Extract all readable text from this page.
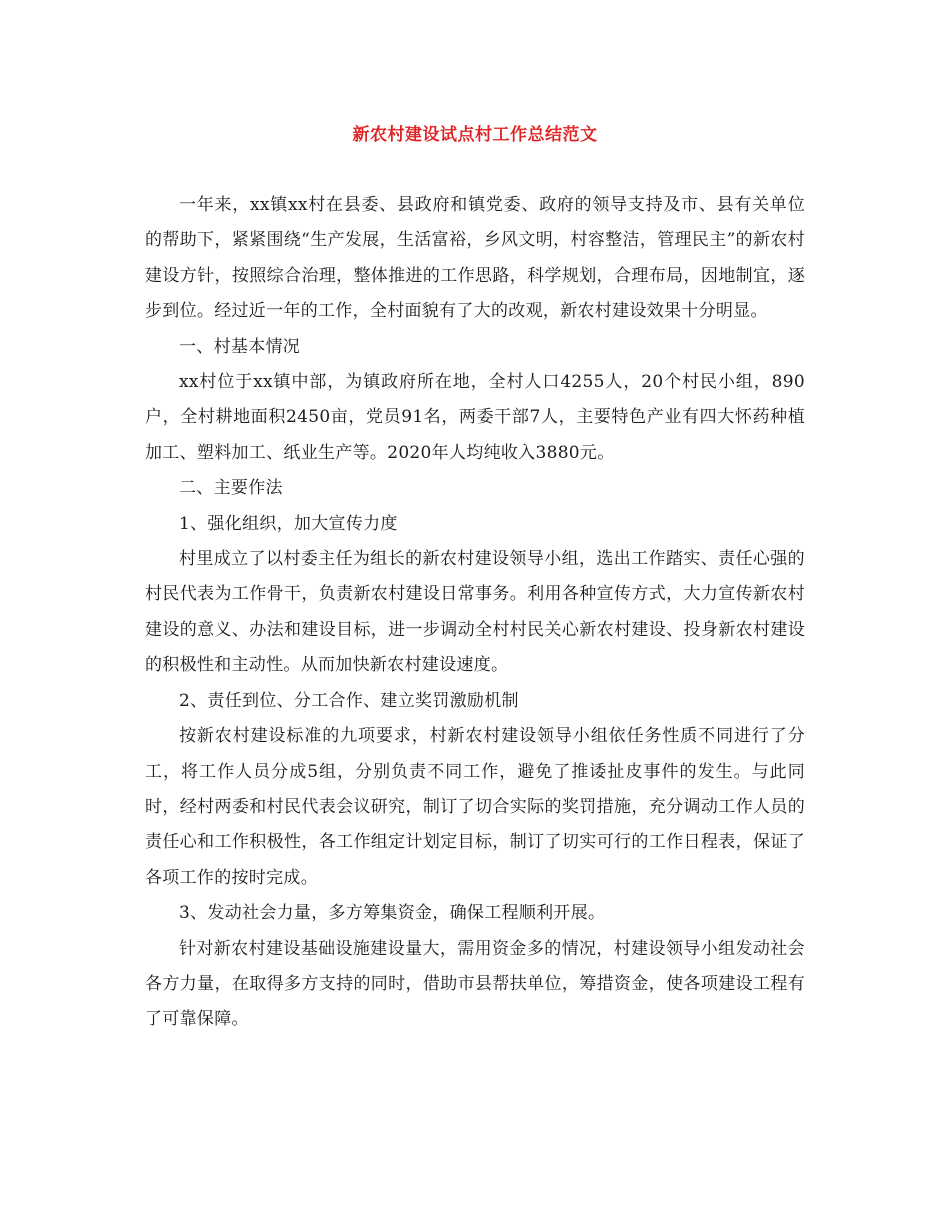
新农村建设试点村工作总结范文

一年来，xx镇xx村在县委、县政府和镇党委、政府的领导支持及市、县有关单位的帮助下，紧紧围绕“生产发展，生活富裕，乡风文明，村容整洁，管理民主”的新农村建设方针，按照综合治理，整体推进的工作思路，科学规划，合理布局，因地制宜，逐步到位。经过近一年的工作，全村面貌有了大的改观，新农村建设效果十分明显。

一、村基本情况

xx村位于xx镇中部，为镇政府所在地，全村人口4255人，20个村民小组，890户，全村耕地面积2450亩，党员91名，两委干部7人，主要特色产业有四大怀药种植加工、塑料加工、纸业生产等。2020年人均纯收入3880元。

二、主要作法

1、强化组织，加大宣传力度

村里成立了以村委主任为组长的新农村建设领导小组，选出工作踏实、责任心强的村民代表为工作骨干，负责新农村建设日常事务。利用各种宣传方式，大力宣传新农村建设的意义、办法和建设目标，进一步调动全村村民关心新农村建设、投身新农村建设的积极性和主动性。从而加快新农村建设速度。

2、责任到位、分工合作、建立奖罚激励机制

按新农村建设标准的九项要求，村新农村建设领导小组依任务性质不同进行了分工，将工作人员分成5组，分别负责不同工作，避免了推诿扯皮事件的发生。与此同时，经村两委和村民代表会议研究，制订了切合实际的奖罚措施，充分调动工作人员的责任心和工作积极性，各工作组定计划定目标，制订了切实可行的工作日程表，保证了各项工作的按时完成。

3、发动社会力量，多方筹集资金，确保工程顺利开展。

针对新农村建设基础设施建设量大，需用资金多的情况，村建设领导小组发动社会各方力量，在取得多方支持的同时，借助市县帮扶单位，筹措资金，使各项建设工程有了可靠保障。
